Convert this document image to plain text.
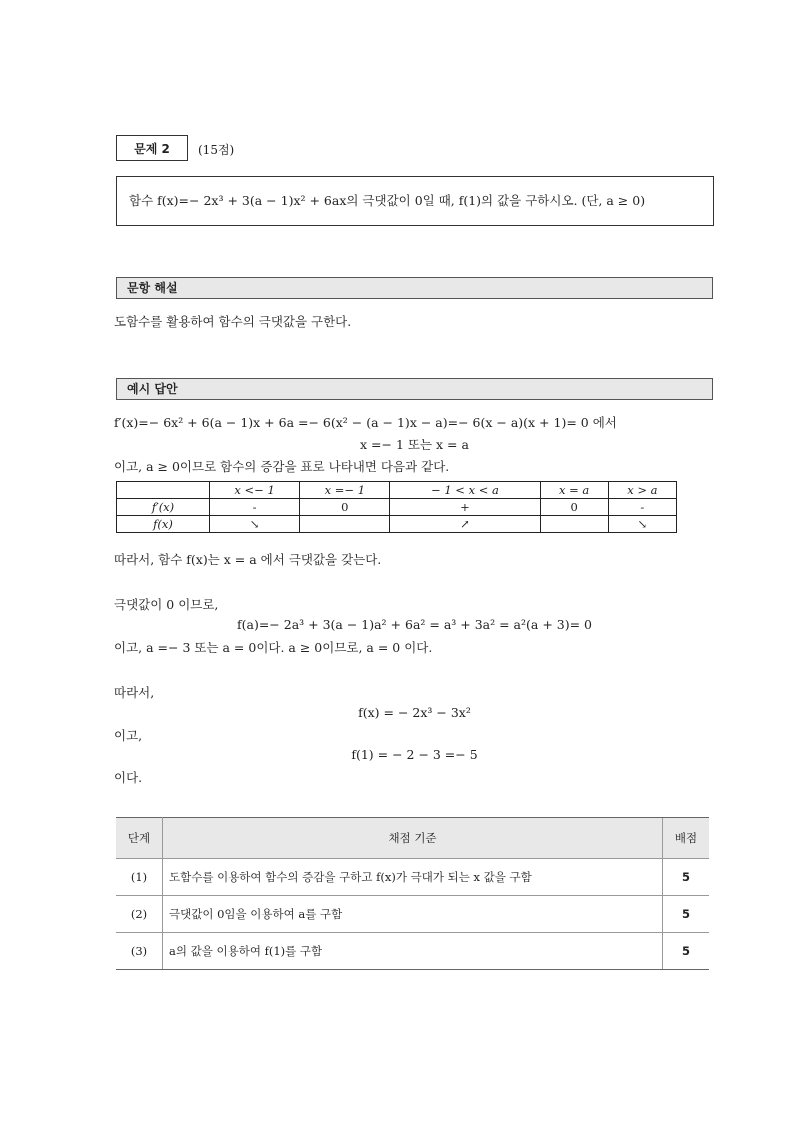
문제 2	(15점)
함수 f(x)=− 2x³ + 3(a − 1)x² + 6ax의 극댓값이 0일 때, f(1)의 값을 구하시오. (단, a ≥ 0)
문항 해설
도함수를 활용하여 함수의 극댓값을 구한다.
예시 답안
f′(x)=− 6x² + 6(a − 1)x + 6a =− 6(x² − (a − 1)x − a)=− 6(x − a)(x + 1)= 0 에서
x =− 1 또는 x = a
이고, a ≥ 0이므로 함수의 증감을 표로 나타내면 다음과 같다.
	x <− 1	x =− 1	− 1 < x < a	x = a	x > a
f′(x)	-	0	+	0	-
f(x)	↘		↗		↘
따라서, 함수 f(x)는 x = a 에서 극댓값을 갖는다.
극댓값이 0 이므로,
f(a)=− 2a³ + 3(a − 1)a² + 6a² = a³ + 3a² = a²(a + 3)= 0
이고, a =− 3 또는 a = 0이다. a ≥ 0이므로, a = 0 이다.
따라서,
f(x) = − 2x³ − 3x²
이고,
f(1) = − 2 − 3 =− 5
이다.
단계	채점 기준	배점
(1)	도함수를 이용하여 함수의 증감을 구하고 f(x)가 극대가 되는 x 값을 구함	5
(2)	극댓값이 0임을 이용하여 a를 구함	5
(3)	a의 값을 이용하여 f(1)를 구함	5
